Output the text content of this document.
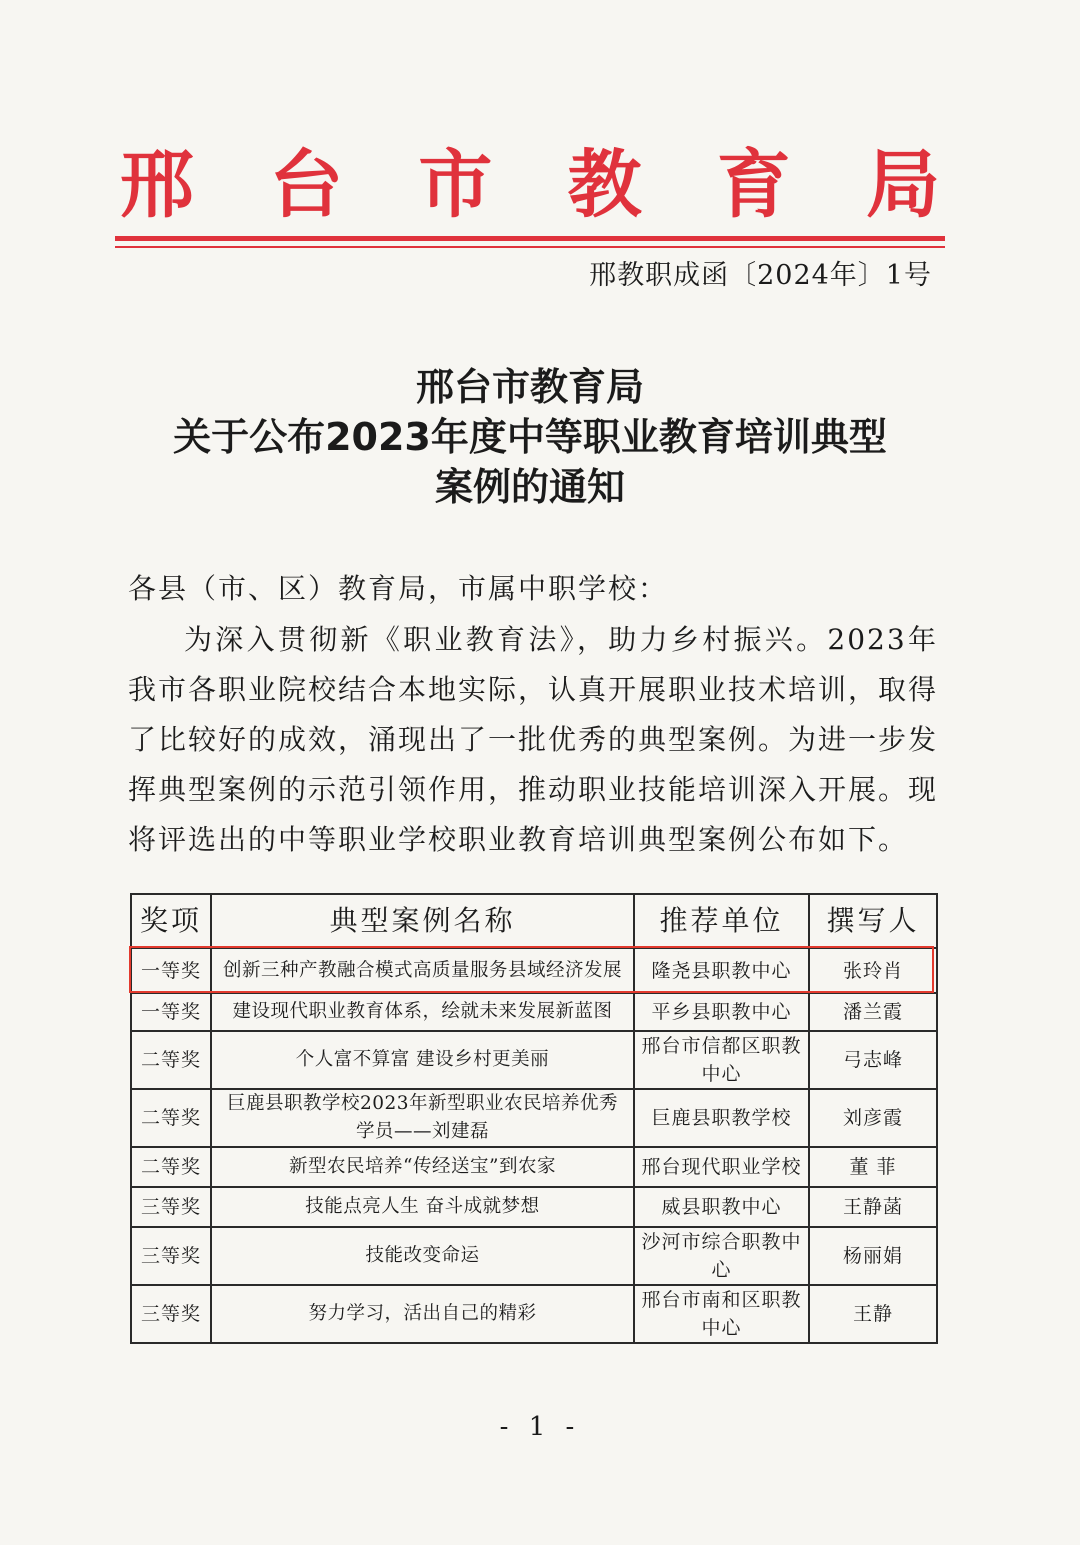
邢 台 市 教 育 局
邢教职成函〔2024年〕1号
邢台市教育局
关于公布2023年度中等职业教育培训典型
案例的通知
各县（市、区）教育局，市属中职学校：
为深入贯彻新《职业教育法》，助力乡村振兴。2023年我市各职业院校结合本地实际，认真开展职业技术培训，取得了比较好的成效，涌现出了一批优秀的典型案例。为进一步发挥典型案例的示范引领作用，推动职业技能培训深入开展。现将评选出的中等职业学校职业教育培训典型案例公布如下。
奖项	典型案例名称	推荐单位	撰写人
一等奖	创新三种产教融合模式高质量服务县域经济发展	隆尧县职教中心	张玲肖
一等奖	建设现代职业教育体系，绘就未来发展新蓝图	平乡县职教中心	潘兰霞
二等奖	个人富不算富 建设乡村更美丽	邢台市信都区职教中心	弓志峰
二等奖	巨鹿县职教学校2023年新型职业农民培养优秀学员——刘建磊	巨鹿县职教学校	刘彦霞
二等奖	新型农民培养“传经送宝”到农家	邢台现代职业学校	董 菲
三等奖	技能点亮人生 奋斗成就梦想	威县职教中心	王静菡
三等奖	技能改变命运	沙河市综合职教中心	杨丽娟
三等奖	努力学习，活出自己的精彩	邢台市南和区职教中心	王静
- 1 -
